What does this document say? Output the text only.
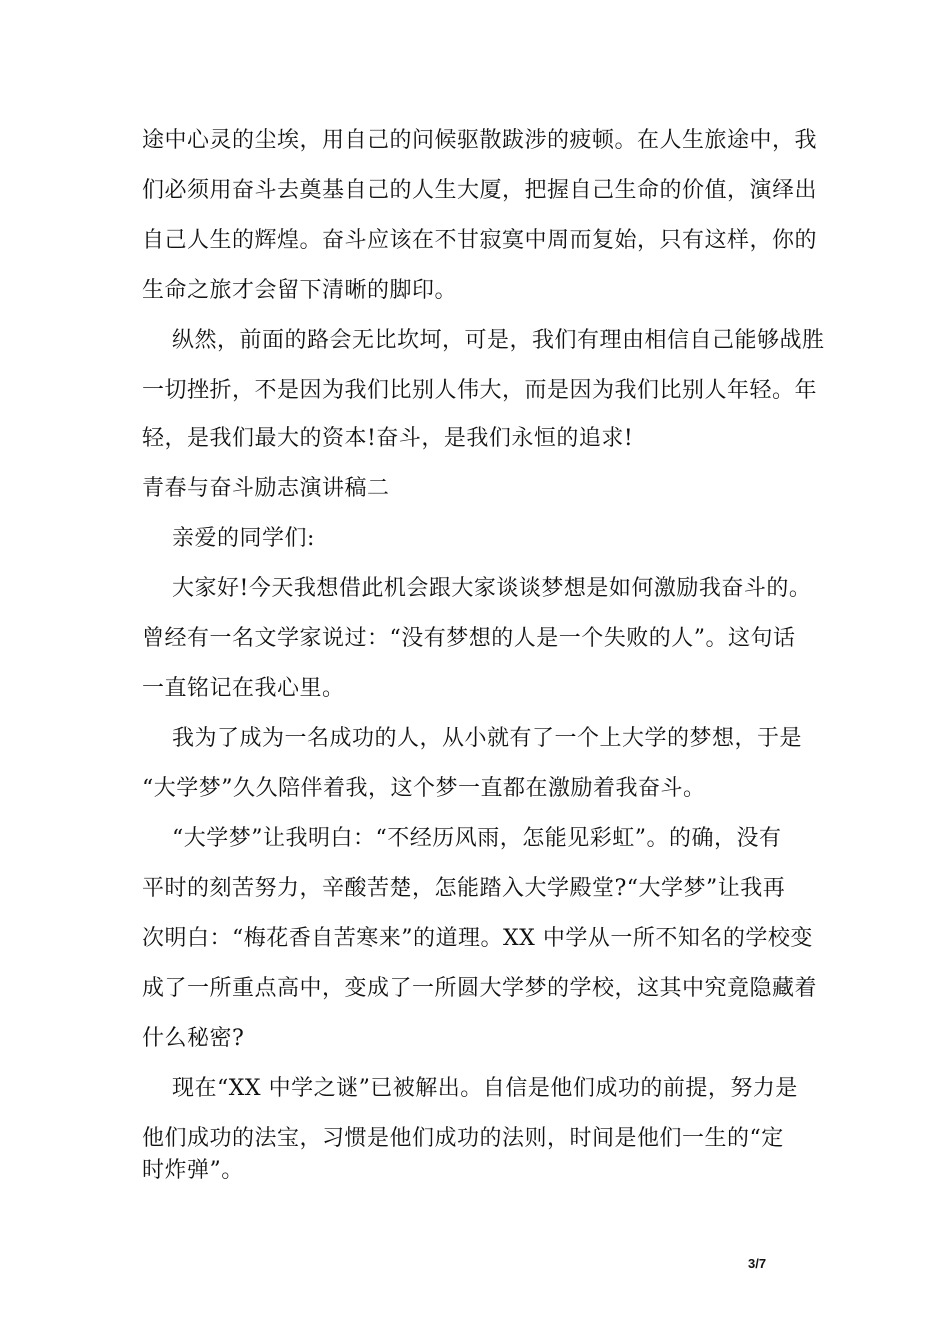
途中心灵的尘埃，用自己的问候驱散跋涉的疲顿。在人生旅途中，我
们必须用奋斗去奠基自己的人生大厦，把握自己生命的价值，演绎出
自己人生的辉煌。奋斗应该在不甘寂寞中周而复始，只有这样，你的
生命之旅才会留下清晰的脚印。
纵然，前面的路会无比坎坷，可是，我们有理由相信自己能够战胜
一切挫折，不是因为我们比别人伟大，而是因为我们比别人年轻。年
轻，是我们最大的资本!奋斗，是我们永恒的追求!
青春与奋斗励志演讲稿二
亲爱的同学们:
大家好!今天我想借此机会跟大家谈谈梦想是如何激励我奋斗的。
曾经有一名文学家说过：“没有梦想的人是一个失败的人”。这句话
一直铭记在我心里。
我为了成为一名成功的人，从小就有了一个上大学的梦想，于是
“大学梦”久久陪伴着我，这个梦一直都在激励着我奋斗。
“大学梦”让我明白：“不经历风雨，怎能见彩虹”。的确，没有
平时的刻苦努力，辛酸苦楚，怎能踏入大学殿堂?“大学梦”让我再
次明白：“梅花香自苦寒来”的道理。XX 中学从一所不知名的学校变
成了一所重点高中，变成了一所圆大学梦的学校，这其中究竟隐藏着
什么秘密?
现在“XX 中学之谜”已被解出。自信是他们成功的前提，努力是
他们成功的法宝，习惯是他们成功的法则，时间是他们一生的“定
时炸弹”。
3/7
